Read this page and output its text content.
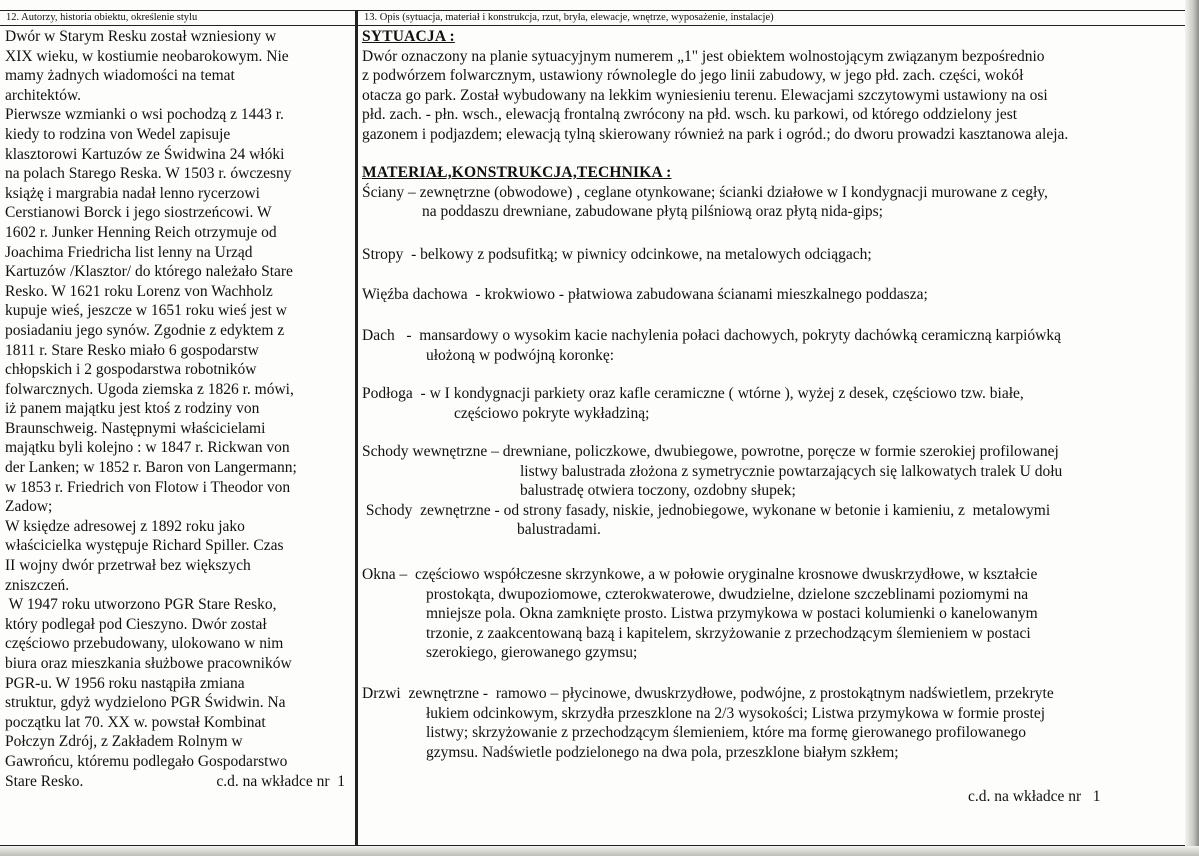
12. Autorzy, historia obiektu, określenie stylu	13. Opis (sytuacja, materiał i konstrukcja, rzut, bryła, elewacje, wnętrze, wyposażenie, instalacje)

Dwór w Starym Resku został wzniesiony w

XIX wieku, w kostiumie neobarokowym. Nie

mamy żadnych wiadomości na temat

architektów.

Pierwsze wzmianki o wsi pochodzą z 1443 r.

kiedy to rodzina von Wedel zapisuje

klasztorowi Kartuzów ze Świdwina 24 włóki

na polach Starego Reska. W 1503 r. ówczesny

książę i margrabia nadał lenno rycerzowi

Cerstianowi Borck i jego siostrzeńcowi. W

1602 r. Junker Henning Reich otrzymuje od

Joachima Friedricha list lenny na Urząd

Kartuzów /Klasztor/ do którego należało Stare

Resko. W 1621 roku Lorenz von Wachholz

kupuje wieś, jeszcze w 1651 roku wieś jest w

posiadaniu jego synów. Zgodnie z edyktem z

1811 r. Stare Resko miało 6 gospodarstw

chłopskich i 2 gospodarstwa robotników

folwarcznych. Ugoda ziemska z 1826 r. mówi,

iż panem majątku jest ktoś z rodziny von

Braunschweig. Następnymi właścicielami

majątku byli kolejno : w 1847 r. Rickwan von

der Lanken; w 1852 r. Baron von Langermann;

w 1853 r. Friedrich von Flotow i Theodor von

Zadow;

W księdze adresowej z 1892 roku jako

właścicielka występuje Richard Spiller. Czas

II wojny dwór przetrwał bez większych

zniszczeń.

W 1947 roku utworzono PGR Stare Resko,

który podlegał pod Cieszyno. Dwór został

częściowo przebudowany, ulokowano w nim

biura oraz mieszkania służbowe pracowników

PGR-u. W 1956 roku nastąpiła zmiana

struktur, gdyż wydzielono PGR Świdwin. Na

początku lat 70. XX w. powstał Kombinat

Połczyn Zdrój, z Zakładem Rolnym w

Gawrońcu, któremu podlegało Gospodarstwo

Stare Resko.	c.d. na wkładce nr  1

SYTUACJA :

Dwór oznaczony na planie sytuacyjnym numerem „1" jest obiektem wolnostojącym związanym bezpośrednio

z podwórzem folwarcznym, ustawiony równolegle do jego linii zabudowy, w jego płd. zach. części, wokół

otacza go park. Został wybudowany na lekkim wyniesieniu terenu. Elewacjami szczytowymi ustawiony na osi

płd. zach. - płn. wsch., elewacją frontalną zwrócony na płd. wsch. ku parkowi, od którego oddzielony jest

gazonem i podjazdem; elewacją tylną skierowany również na park i ogród.; do dworu prowadzi kasztanowa aleja.

MATERIAŁ,KONSTRUKCJA,TECHNIKA :

Ściany – zewnętrzne (obwodowe) , ceglane otynkowane; ścianki działowe w I kondygnacji murowane z cegły,

na poddaszu drewniane, zabudowane płytą pilśniową oraz płytą nida-gips;

Stropy  - belkowy z podsufitką; w piwnicy odcinkowe, na metalowych odciągach;

Więźba dachowa  - krokwiowo - płatwiowa zabudowana ścianami mieszkalnego poddasza;

Dach   -  mansardowy o wysokim kacie nachylenia połaci dachowych, pokryty dachówką ceramiczną karpiówką

ułożoną w podwójną koronkę:

Podłoga  - w I kondygnacji parkiety oraz kafle ceramiczne ( wtórne ), wyżej z desek, częściowo tzw. białe,

częściowo pokryte wykładziną;

Schody wewnętrzne – drewniane, policzkowe, dwubiegowe, powrotne, poręcze w formie szerokiej profilowanej

listwy balustrada złożona z symetrycznie powtarzających się lalkowatych tralek U dołu

balustradę otwiera toczony, ozdobny słupek;

Schody  zewnętrzne - od strony fasady, niskie, jednobiegowe, wykonane w betonie i kamieniu, z  metalowymi

balustradami.

Okna –  częściowo współczesne skrzynkowe, a w połowie oryginalne krosnowe dwuskrzydłowe, w kształcie

prostokąta, dwupoziomowe, czterokwaterowe, dwudzielne, dzielone szczeblinami poziomymi na

mniejsze pola. Okna zamknięte prosto. Listwa przymykowa w postaci kolumienki o kanelowanym

trzonie, z zaakcentowaną bazą i kapitelem, skrzyżowanie z przechodzącym ślemieniem w postaci

szerokiego, gierowanego gzymsu;

Drzwi  zewnętrzne -  ramowo – płycinowe, dwuskrzydłowe, podwójne, z prostokątnym nadświetlem, przekryte

łukiem odcinkowym, skrzydła przeszklone na 2/3 wysokości; Listwa przymykowa w formie prostej

listwy; skrzyżowanie z przechodzącym ślemieniem, które ma formę gierowanego profilowanego

gzymsu. Nadświetle podzielonego na dwa pola, przeszklone białym szkłem;

c.d. na wkładce nr   1
